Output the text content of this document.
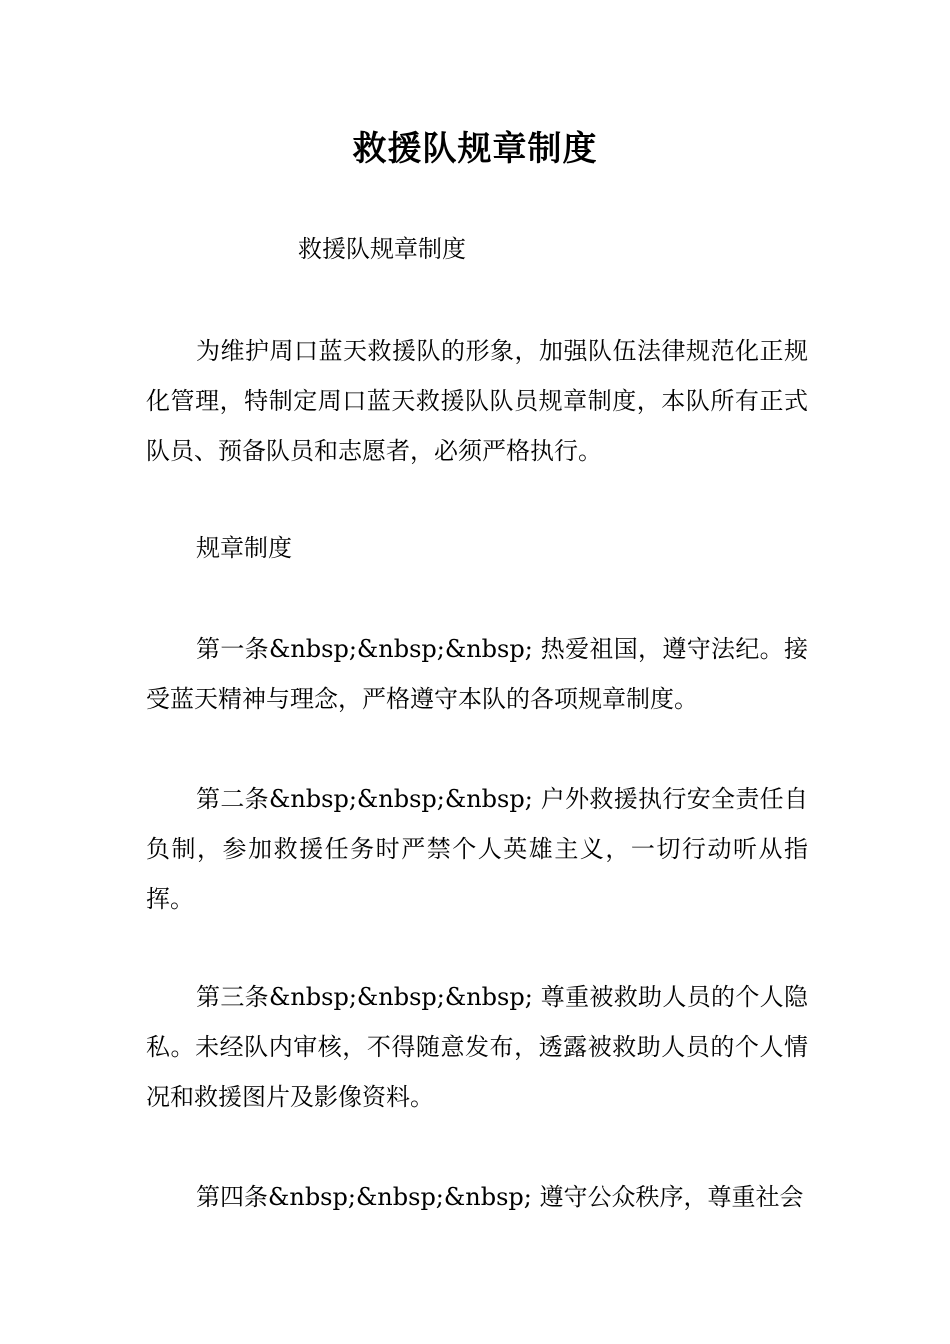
救援队规章制度

救援队规章制度

为维护周口蓝天救援队的形象，加强队伍法律规范化正规化管理，特制定周口蓝天救援队队员规章制度，本队所有正式队员、预备队员和志愿者，必须严格执行。

规章制度

第一条&nbsp;&nbsp;&nbsp; 热爱祖国，遵守法纪。接受蓝天精神与理念，严格遵守本队的各项规章制度。

第二条&nbsp;&nbsp;&nbsp; 户外救援执行安全责任自负制，参加救援任务时严禁个人英雄主义，一切行动听从指挥。

第三条&nbsp;&nbsp;&nbsp; 尊重被救助人员的个人隐私。未经队内审核，不得随意发布，透露被救助人员的个人情况和救援图片及影像资料。

第四条&nbsp;&nbsp;&nbsp; 遵守公众秩序，尊重社会
